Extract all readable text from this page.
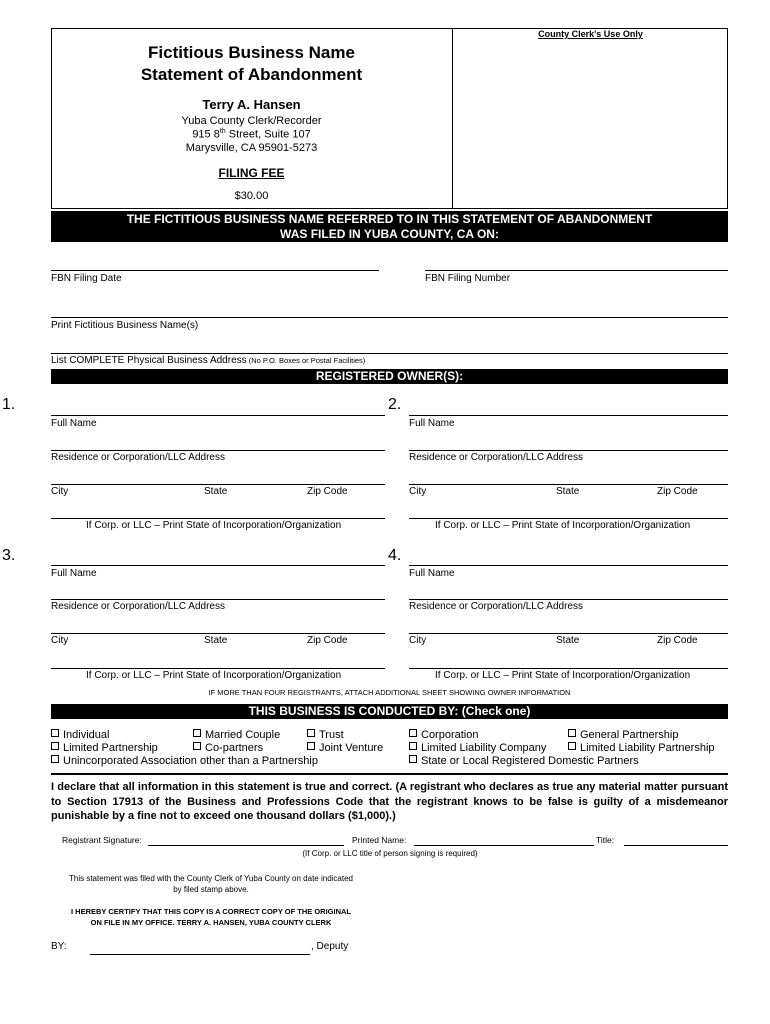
County Clerk's Use Only
Fictitious Business Name
Statement of Abandonment
Terry A. Hansen
Yuba County Clerk/Recorder
915 8th Street, Suite 107
Marysville, CA 95901-5273
FILING FEE
$30.00
THE FICTITIOUS BUSINESS NAME REFERRED TO IN THIS STATEMENT OF ABANDONMENT
WAS FILED IN YUBA COUNTY, CA ON:
FBN Filing Date	FBN Filing Number
Print Fictitious Business Name(s)
List COMPLETE Physical Business Address (No P.O. Boxes or Postal Facilities)
REGISTERED OWNER(S):
1.
Full Name
Residence or Corporation/LLC Address
City	State	Zip Code
If Corp. or LLC – Print State of Incorporation/Organization
2.
Full Name
Residence or Corporation/LLC Address
City	State	Zip Code
If Corp. or LLC – Print State of Incorporation/Organization
3.
Full Name
Residence or Corporation/LLC Address
City	State	Zip Code
If Corp. or LLC – Print State of Incorporation/Organization
4.
Full Name
Residence or Corporation/LLC Address
City	State	Zip Code
If Corp. or LLC – Print State of Incorporation/Organization
IF MORE THAN FOUR REGISTRANTS, ATTACH ADDITIONAL SHEET SHOWING OWNER INFORMATION
THIS BUSINESS IS CONDUCTED BY: (Check one)
Individual	Married Couple	Trust	Corporation	General Partnership
Limited Partnership	Co-partners	Joint Venture	Limited Liability Company	Limited Liability Partnership
Unincorporated Association other than a Partnership	State or Local Registered Domestic Partners
I declare that all information in this statement is true and correct. (A registrant who declares as true any material matter pursuant to Section 17913 of the Business and Professions Code that the registrant knows to be false is guilty of a misdemeanor punishable by a fine not to exceed one thousand dollars ($1,000).)
Registrant Signature:	Printed Name:	Title:
(If Corp. or LLC title of person signing is required)
This statement was filed with the County Clerk of Yuba County on date indicated
by filed stamp above.
I HEREBY CERTIFY THAT THIS COPY IS A CORRECT COPY OF THE ORIGINAL
ON FILE IN MY OFFICE. TERRY A. HANSEN, YUBA COUNTY CLERK
BY:	, Deputy
